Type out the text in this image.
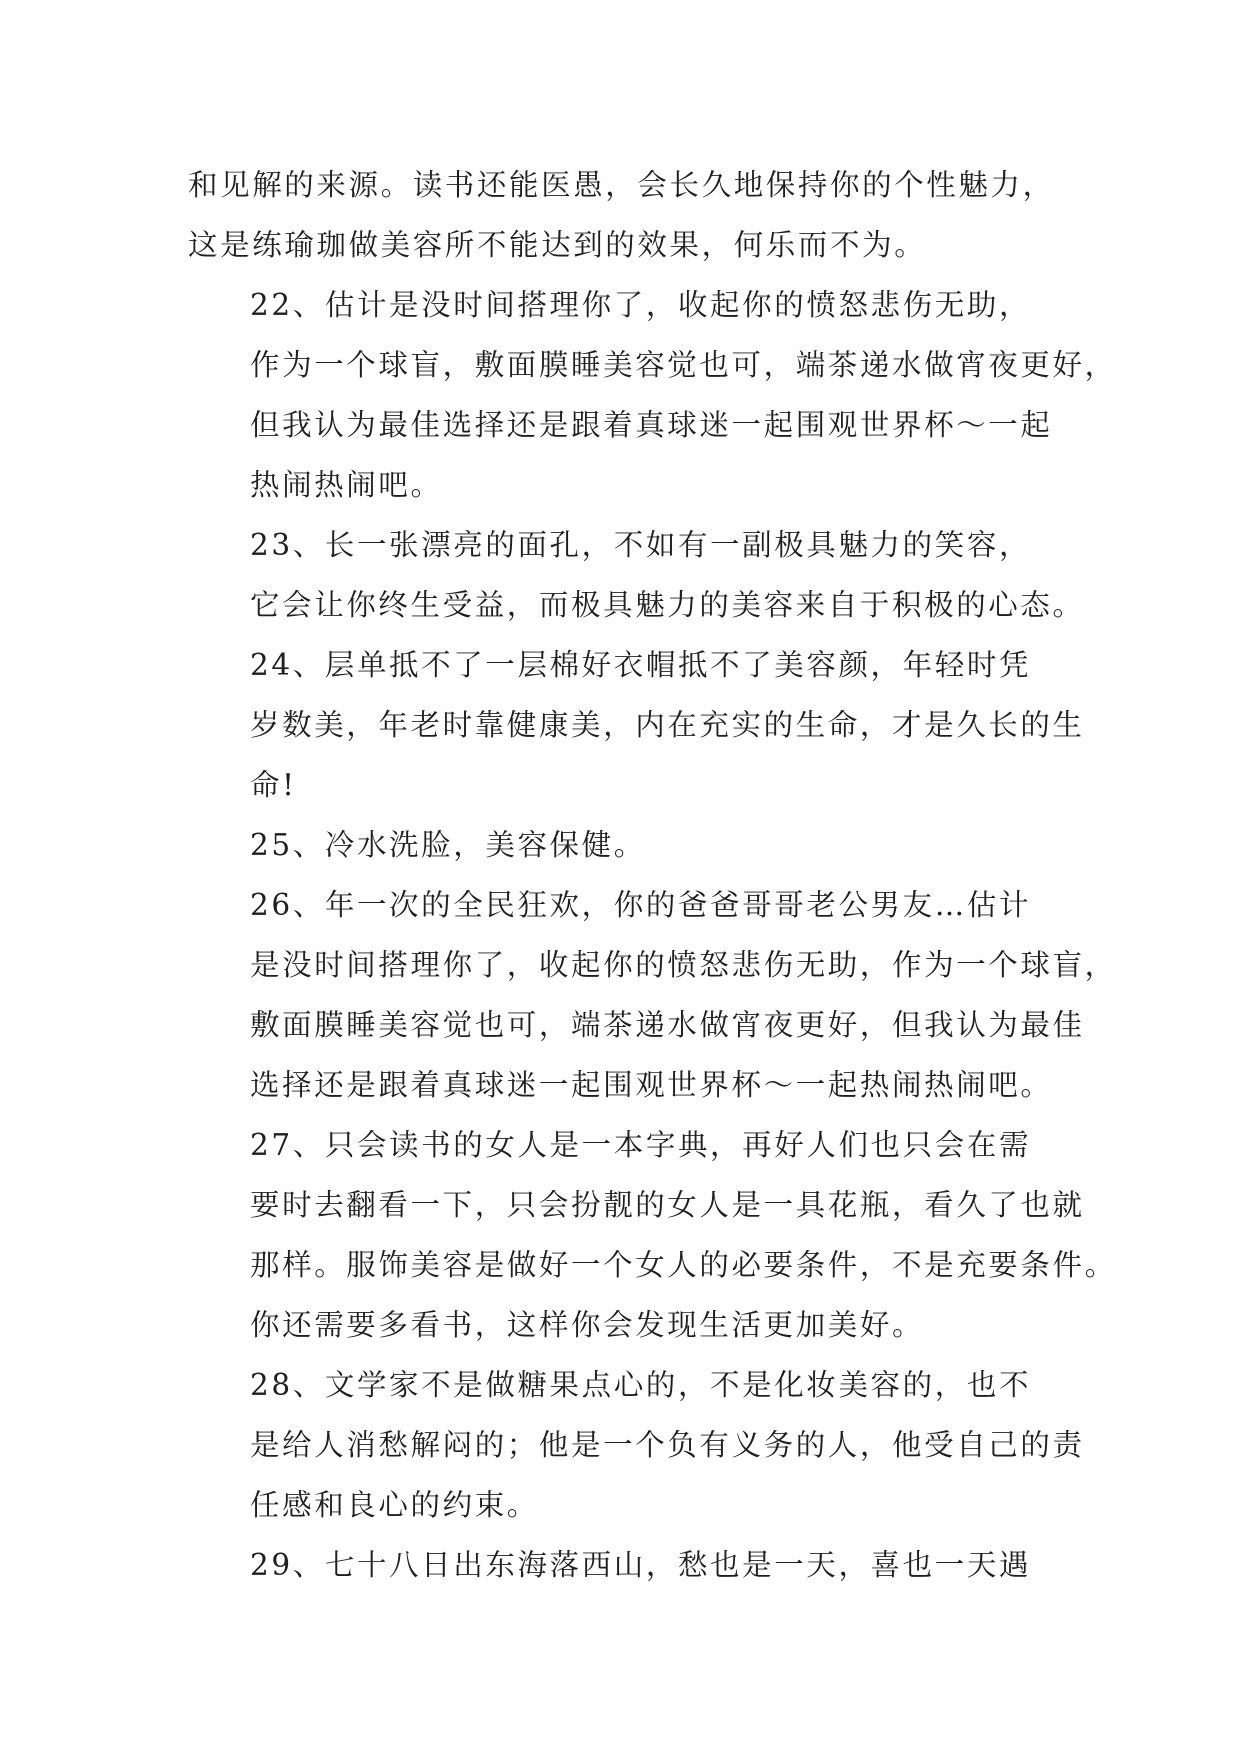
和见解的来源。读书还能医愚，会长久地保持你的个性魅力，
这是练瑜珈做美容所不能达到的效果，何乐而不为。

22、估计是没时间搭理你了，收起你的愤怒悲伤无助，
作为一个球盲，敷面膜睡美容觉也可，端茶递水做宵夜更好，
但我认为最佳选择还是跟着真球迷一起围观世界杯～一起
热闹热闹吧。

23、长一张漂亮的面孔，不如有一副极具魅力的笑容，
它会让你终生受益，而极具魅力的美容来自于积极的心态。

24、层单抵不了一层棉好衣帽抵不了美容颜，年轻时凭
岁数美，年老时靠健康美，内在充实的生命，才是久长的生
命!

25、冷水洗脸，美容保健。

26、年一次的全民狂欢，你的爸爸哥哥老公男友…估计
是没时间搭理你了，收起你的愤怒悲伤无助，作为一个球盲，
敷面膜睡美容觉也可，端茶递水做宵夜更好，但我认为最佳
选择还是跟着真球迷一起围观世界杯～一起热闹热闹吧。

27、只会读书的女人是一本字典，再好人们也只会在需
要时去翻看一下，只会扮靓的女人是一具花瓶，看久了也就
那样。服饰美容是做好一个女人的必要条件，不是充要条件。
你还需要多看书，这样你会发现生活更加美好。

28、文学家不是做糖果点心的，不是化妆美容的，也不
是给人消愁解闷的；他是一个负有义务的人，他受自己的责
任感和良心的约束。

29、七十八日出东海落西山，愁也是一天，喜也一天遇
